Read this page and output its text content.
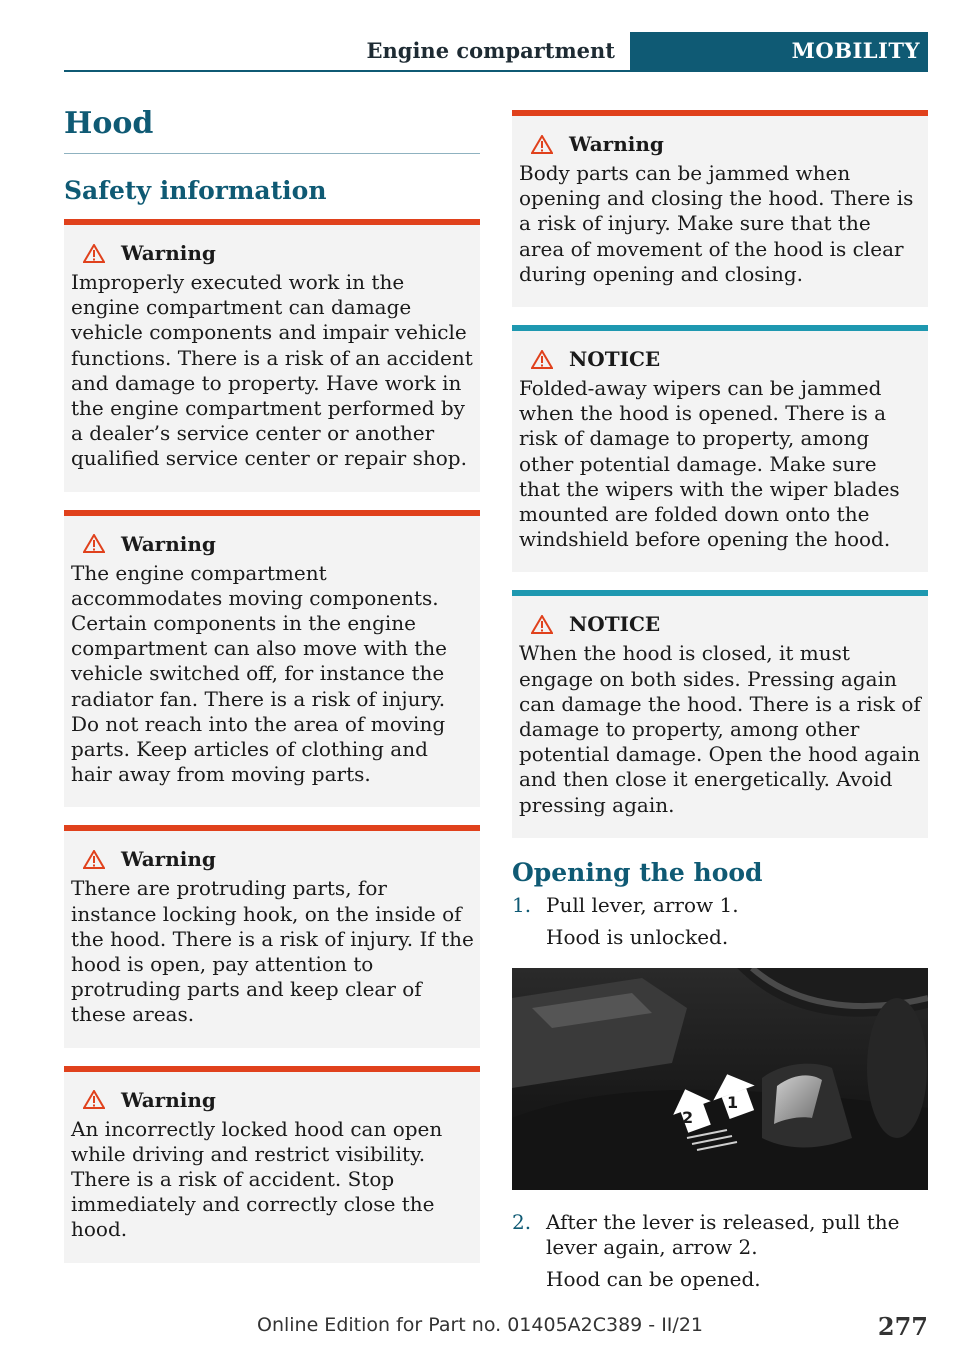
Engine compartment	MOBILITY
Hood
Safety information
Warning
Improperly executed work in the engine compartment can damage vehicle components and impair vehicle functions. There is a risk of an accident and damage to property. Have work in the engine compartment performed by a dealer’s service center or another qualified service center or repair shop.
Warning
The engine compartment accommodates moving components. Certain components in the engine compartment can also move with the vehicle switched off, for instance the radiator fan. There is a risk of injury. Do not reach into the area of moving parts. Keep articles of clothing and hair away from moving parts.
Warning
There are protruding parts, for instance locking hook, on the inside of the hood. There is a risk of injury. If the hood is open, pay attention to protruding parts and keep clear of these areas.
Warning
An incorrectly locked hood can open while driving and restrict visibility. There is a risk of accident. Stop immediately and correctly close the hood.
Warning
Body parts can be jammed when opening and closing the hood. There is a risk of injury. Make sure that the area of movement of the hood is clear during opening and closing.
NOTICE
Folded-away wipers can be jammed when the hood is opened. There is a risk of damage to property, among other potential damage. Make sure that the wipers with the wiper blades mounted are folded down onto the windshield before opening the hood.
NOTICE
When the hood is closed, it must engage on both sides. Pressing again can damage the hood. There is a risk of damage to property, among other potential damage. Open the hood again and then close it energetically. Avoid pressing again.
Opening the hood
1. Pull lever, arrow 1.
Hood is unlocked.
2
1
2. After the lever is released, pull the lever again, arrow 2.
Hood can be opened.
Online Edition for Part no. 01405A2C389 - II/21	277
